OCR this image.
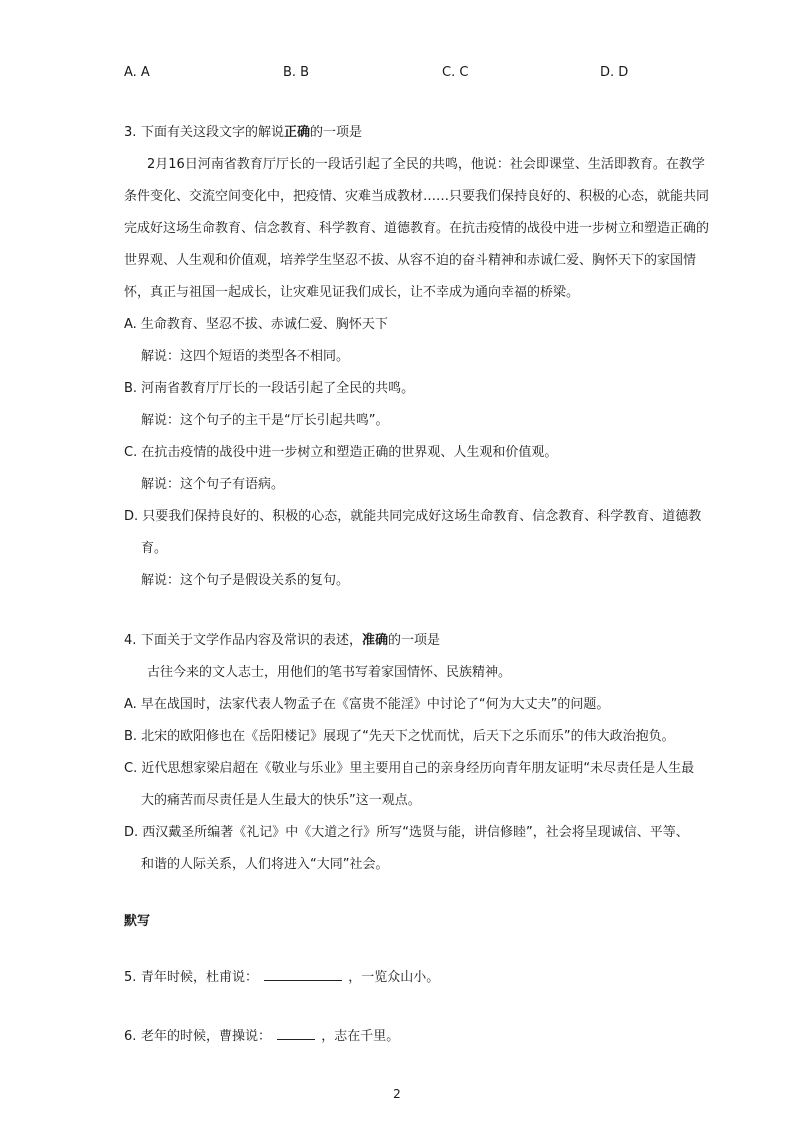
A. A	B. B	C. C	D. D
3. 下面有关这段文字的解说正确的一项是
2月16日河南省教育厅厅长的一段话引起了全民的共鸣，他说：社会即课堂、生活即教育。在教学
条件变化、交流空间变化中，把疫情、灾难当成教材……只要我们保持良好的、积极的心态，就能共同
完成好这场生命教育、信念教育、科学教育、道德教育。在抗击疫情的战役中进一步树立和塑造正确的
世界观、人生观和价值观，培养学生坚忍不拔、从容不迫的奋斗精神和赤诚仁爱、胸怀天下的家国情
怀，真正与祖国一起成长，让灾难见证我们成长，让不幸成为通向幸福的桥梁。
A. 生命教育、坚忍不拔、赤诚仁爱、胸怀天下
解说：这四个短语的类型各不相同。
B. 河南省教育厅厅长的一段话引起了全民的共鸣。
解说：这个句子的主干是“厅长引起共鸣”。
C. 在抗击疫情的战役中进一步树立和塑造正确的世界观、人生观和价值观。
解说：这个句子有语病。
D. 只要我们保持良好的、积极的心态，就能共同完成好这场生命教育、信念教育、科学教育、道德教
育。
解说：这个句子是假设关系的复句。
4. 下面关于文学作品内容及常识的表述，准确的一项是
古往今来的文人志士，用他们的笔书写着家国情怀、民族精神。
A. 早在战国时，法家代表人物孟子在《富贵不能淫》中讨论了“何为大丈夫”的问题。
B. 北宋的欧阳修也在《岳阳楼记》展现了“先天下之忧而忧，后天下之乐而乐”的伟大政治抱负。
C. 近代思想家梁启超在《敬业与乐业》里主要用自己的亲身经历向青年朋友证明“未尽责任是人生最
大的痛苦而尽责任是人生最大的快乐”这一观点。
D. 西汉戴圣所编著《礼记》中《大道之行》所写“选贤与能，讲信修睦”，社会将呈现诚信、平等、
和谐的人际关系，人们将进入“大同”社会。
默写
5. 青年时候，杜甫说：	，一览众山小。
6. 老年的时候，曹操说：	，志在千里。
2
